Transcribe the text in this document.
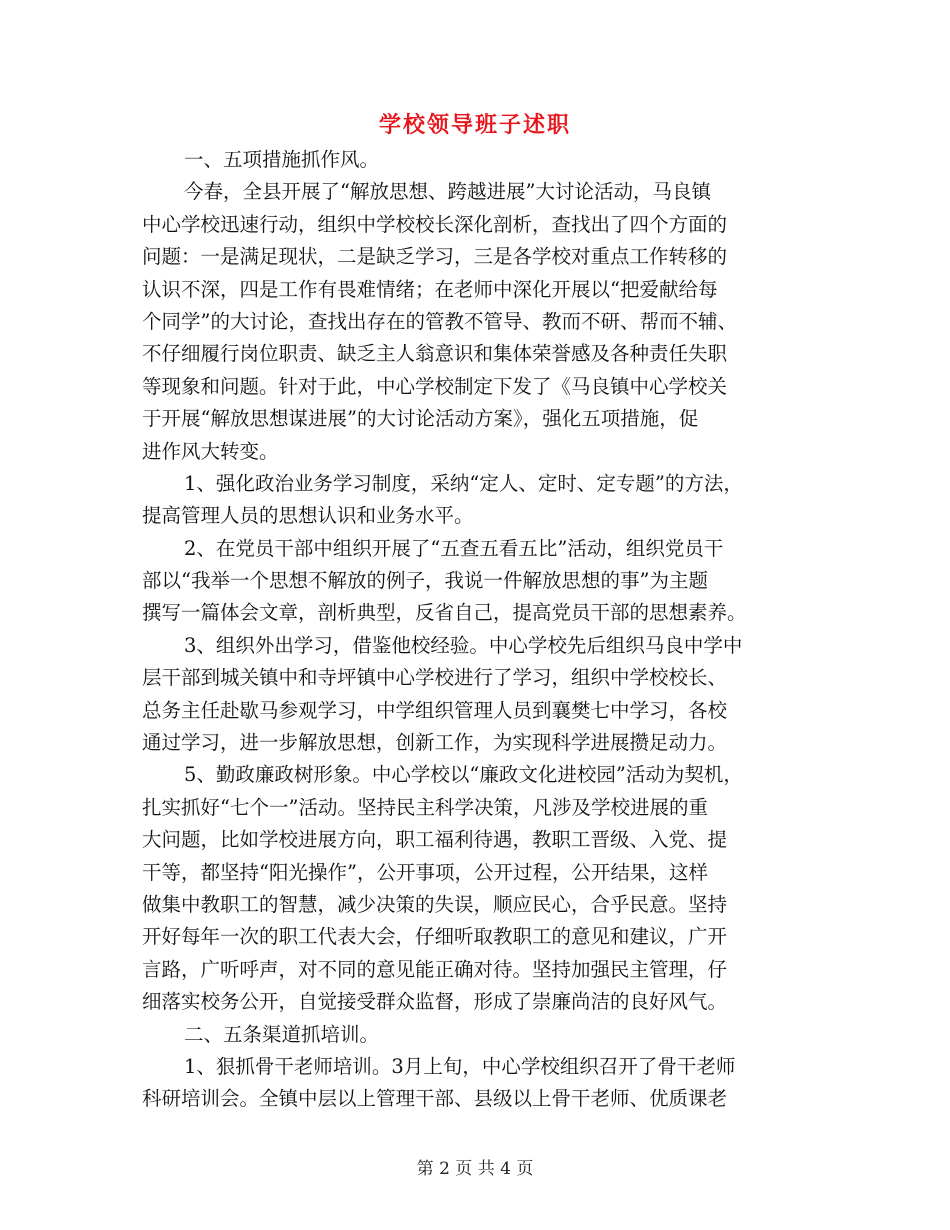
学校领导班子述职
一、五项措施抓作风。
今春，全县开展了“解放思想、跨越进展”大讨论活动，马良镇
中心学校迅速行动，组织中学校校长深化剖析，查找出了四个方面的
问题：一是满足现状，二是缺乏学习，三是各学校对重点工作转移的
认识不深，四是工作有畏难情绪；在老师中深化开展以“把爱献给每
个同学”的大讨论，查找出存在的管教不管导、教而不研、帮而不辅、
不仔细履行岗位职责、缺乏主人翁意识和集体荣誉感及各种责任失职
等现象和问题。针对于此，中心学校制定下发了《马良镇中心学校关
于开展“解放思想谋进展”的大讨论活动方案》，强化五项措施，促
进作风大转变。
1、强化政治业务学习制度，采纳“定人、定时、定专题”的方法，
提高管理人员的思想认识和业务水平。
2、在党员干部中组织开展了“五查五看五比”活动，组织党员干
部以“我举一个思想不解放的例子，我说一件解放思想的事”为主题
撰写一篇体会文章，剖析典型，反省自己，提高党员干部的思想素养。
3、组织外出学习，借鉴他校经验。中心学校先后组织马良中学中
层干部到城关镇中和寺坪镇中心学校进行了学习，组织中学校校长、
总务主任赴歇马参观学习，中学组织管理人员到襄樊七中学习，各校
通过学习，进一步解放思想，创新工作，为实现科学进展攒足动力。
5、勤政廉政树形象。中心学校以“廉政文化进校园”活动为契机，
扎实抓好“七个一”活动。坚持民主科学决策，凡涉及学校进展的重
大问题，比如学校进展方向，职工福利待遇，教职工晋级、入党、提
干等，都坚持“阳光操作”，公开事项，公开过程，公开结果，这样
做集中教职工的智慧，减少决策的失误，顺应民心，合乎民意。坚持
开好每年一次的职工代表大会，仔细听取教职工的意见和建议，广开
言路，广听呼声，对不同的意见能正确对待。坚持加强民主管理，仔
细落实校务公开，自觉接受群众监督，形成了崇廉尚洁的良好风气。
二、五条渠道抓培训。
1、狠抓骨干老师培训。3月上旬，中心学校组织召开了骨干老师
科研培训会。全镇中层以上管理干部、县级以上骨干老师、优质课老
第 2 页 共 4 页
